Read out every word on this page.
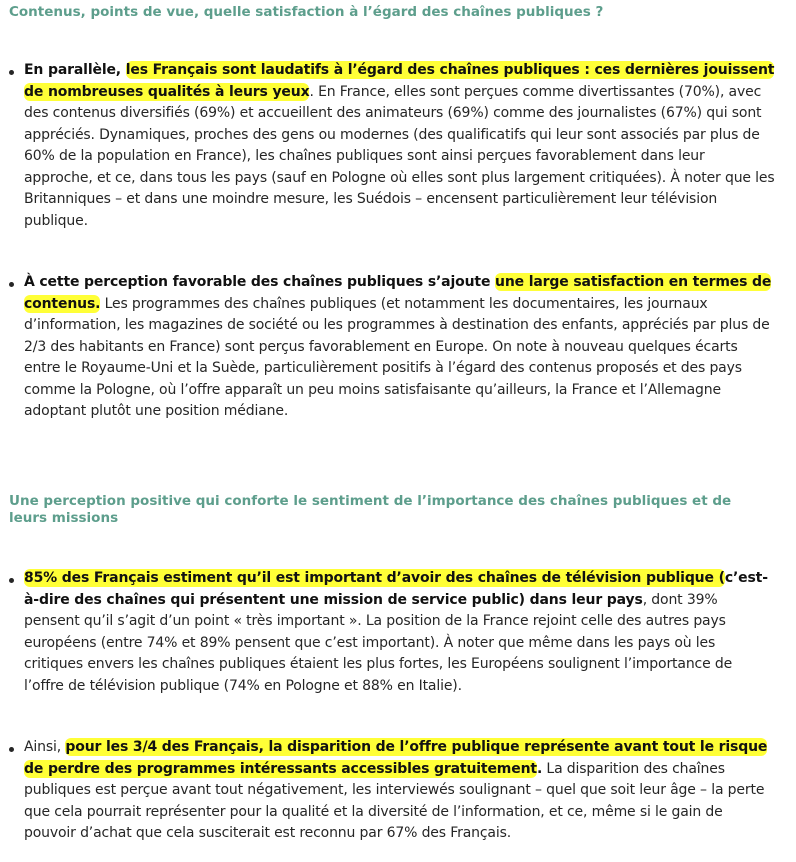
Contenus, points de vue, quelle satisfaction à l’égard des chaînes publiques ?
En parallèle, les Français sont laudatifs à l’égard des chaînes publiques : ces dernières jouissent de nombreuses qualités à leurs yeux. En France, elles sont perçues comme divertissantes (70%), avec des contenus diversifiés (69%) et accueillent des animateurs (69%) comme des journalistes (67%) qui sont appréciés. Dynamiques, proches des gens ou modernes (des qualificatifs qui leur sont associés par plus de 60% de la population en France), les chaînes publiques sont ainsi perçues favorablement dans leur approche, et ce, dans tous les pays (sauf en Pologne où elles sont plus largement critiquées). À noter que les Britanniques – et dans une moindre mesure, les Suédois – encensent particulièrement leur télévision publique.
À cette perception favorable des chaînes publiques s’ajoute une large satisfaction en termes de contenus. Les programmes des chaînes publiques (et notamment les documentaires, les journaux d’information, les magazines de société ou les programmes à destination des enfants, appréciés par plus de 2/3 des habitants en France) sont perçus favorablement en Europe. On note à nouveau quelques écarts entre le Royaume-Uni et la Suède, particulièrement positifs à l’égard des contenus proposés et des pays comme la Pologne, où l’offre apparaît un peu moins satisfaisante qu’ailleurs, la France et l’Allemagne adoptant plutôt une position médiane.
Une perception positive qui conforte le sentiment de l’importance des chaînes publiques et de leurs missions
85% des Français estiment qu’il est important d’avoir des chaînes de télévision publique (c’est-à-dire des chaînes qui présentent une mission de service public) dans leur pays, dont 39% pensent qu’il s’agit d’un point « très important ». La position de la France rejoint celle des autres pays européens (entre 74% et 89% pensent que c’est important). À noter que même dans les pays où les critiques envers les chaînes publiques étaient les plus fortes, les Européens soulignent l’importance de l’offre de télévision publique (74% en Pologne et 88% en Italie).
Ainsi, pour les 3/4 des Français, la disparition de l’offre publique représente avant tout le risque de perdre des programmes intéressants accessibles gratuitement. La disparition des chaînes publiques est perçue avant tout négativement, les interviewés soulignant – quel que soit leur âge – la perte que cela pourrait représenter pour la qualité et la diversité de l’information, et ce, même si le gain de pouvoir d’achat que cela susciterait est reconnu par 67% des Français.
